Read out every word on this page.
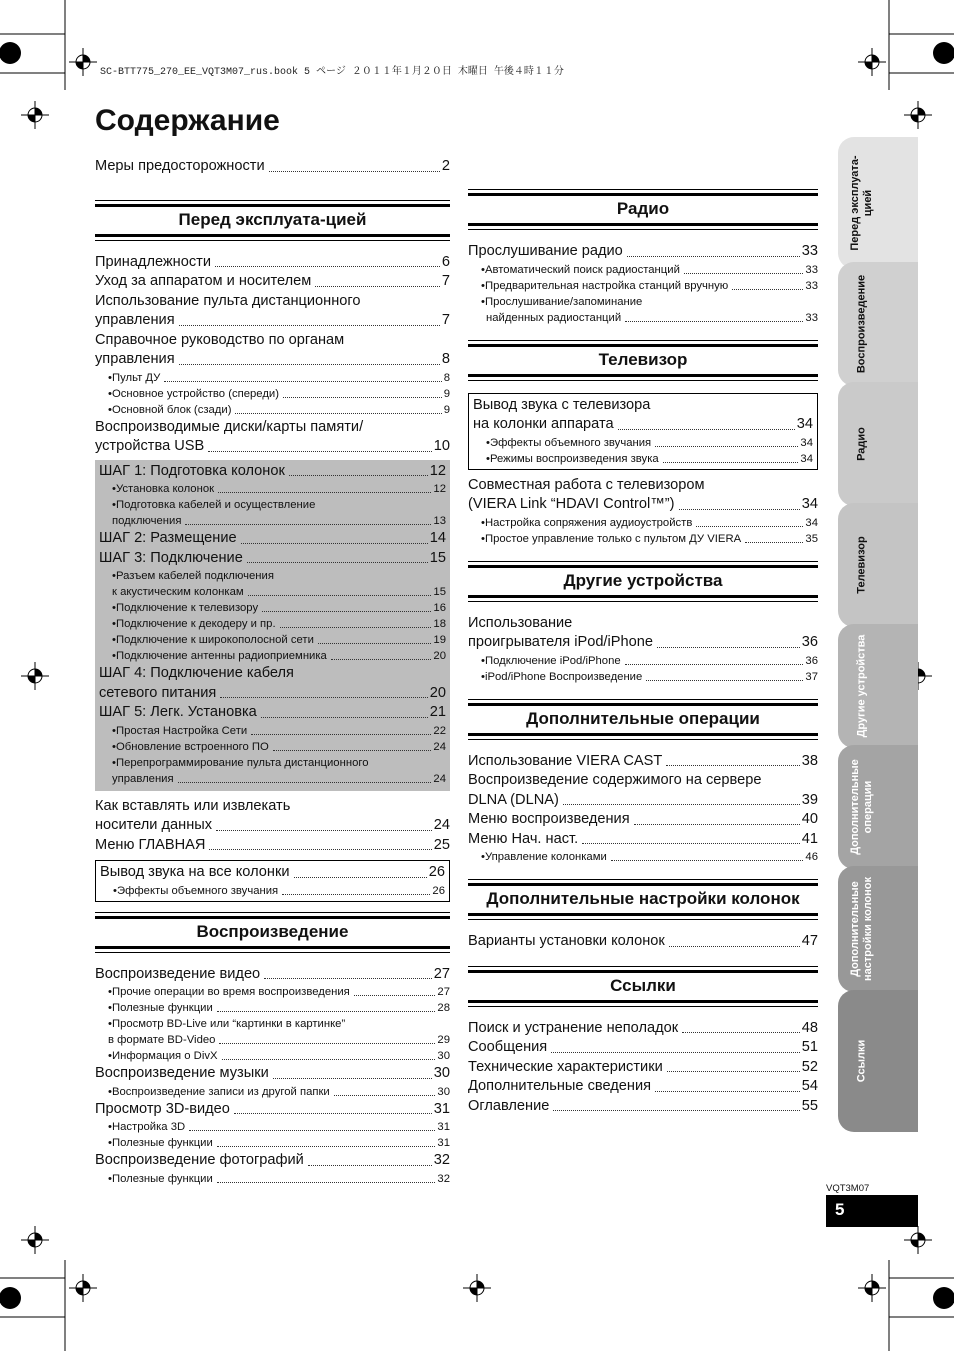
SC-BTT775_270_EE_VQT3M07_rus.book 5 ページ ２０１１年１月２０日 木曜日 午後４時１１分
Содержание
Меры предосторожности	2
Перед эксплуата-цией
Принадлежности	6
Уход за аппаратом и носителем	7
Использование пульта дистанционного
управления	7
Справочное руководство по органам
управления	8
•Пульт ДУ	8
•Основное устройство (спереди)	9
•Основной блок (сзади)	9
Воспроизводимые диски/карты памяти/
устройства USB	10
ШАГ 1: Подготовка колонок	12
•Установка колонок	12
•Подготовка кабелей и осуществление
подключения	13
ШАГ 2: Размещение	14
ШАГ 3: Подключение	15
•Разъем кабелей подключения
к акустическим колонкам	15
•Подключение к телевизору	16
•Подключение к декодеру и пр.	18
•Подключение к широкополосной сети	19
•Подключение антенны радиоприемника	20
ШАГ 4: Подключение кабеля
сетевого питания	20
ШАГ 5: Легк. Установка	21
•Простая Настройка Сети	22
•Обновление встроенного ПО	24
•Перепрограммирование пульта дистанционного
управления	24
Как вставлять или извлекать
носители данных	24
Меню ГЛАВНАЯ	25
Вывод звука на все колонки	26
•Эффекты объемного звучания	26
Воспроизведение
Воспроизведение видео	27
•Прочие операции во время воспроизведения	27
•Полезные функции	28
•Просмотр BD-Live или “картинки в картинке”
в формате BD-Video	29
•Информация о DivX	30
Воспроизведение музыки	30
•Воспроизведение записи из другой папки	30
Просмотр 3D-видео	31
•Настройка 3D	31
•Полезные функции	31
Воспроизведение фотографий	32
•Полезные функции	32
Радио
Прослушивание радио	33
•Автоматический поиск радиостанций	33
•Предварительная настройка станций вручную	33
•Прослушивание/запоминание
найденных радиостанций	33
Телевизор
Вывод звука с телевизора
на колонки аппарата	34
•Эффекты объемного звучания	34
•Режимы воспроизведения звука	34
Совместная работа с телевизором
(VIERA Link “HDAVI Control™”)	34
•Настройка сопряжения аудиоустройств	34
•Простое управление только с пультом ДУ VIERA	35
Другие устройства
Использование
проигрывателя iPod/iPhone	36
•Подключение iPod/iPhone	36
•iPod/iPhone Воспроизведение	37
Дополнительные операции
Использование VIERA CAST	38
Воспроизведение содержимого на сервере
DLNA (DLNA)	39
Меню воспроизведения	40
Меню Нач. наст.	41
•Управление колонками	46
Дополнительные настройки колонок
Варианты установки колонок	47
Ссылки
Поиск и устранение неполадок	48
Сообщения	51
Технические характеристики	52
Дополнительные сведения	54
Оглавление	55
Перед эксплуата-
цией
Воспроизведение
Радио
Телевизор
Другие устройства
Дополнительные
операции
Дополнительные
настройки колонок
Ссылки
VQT3M07
5
